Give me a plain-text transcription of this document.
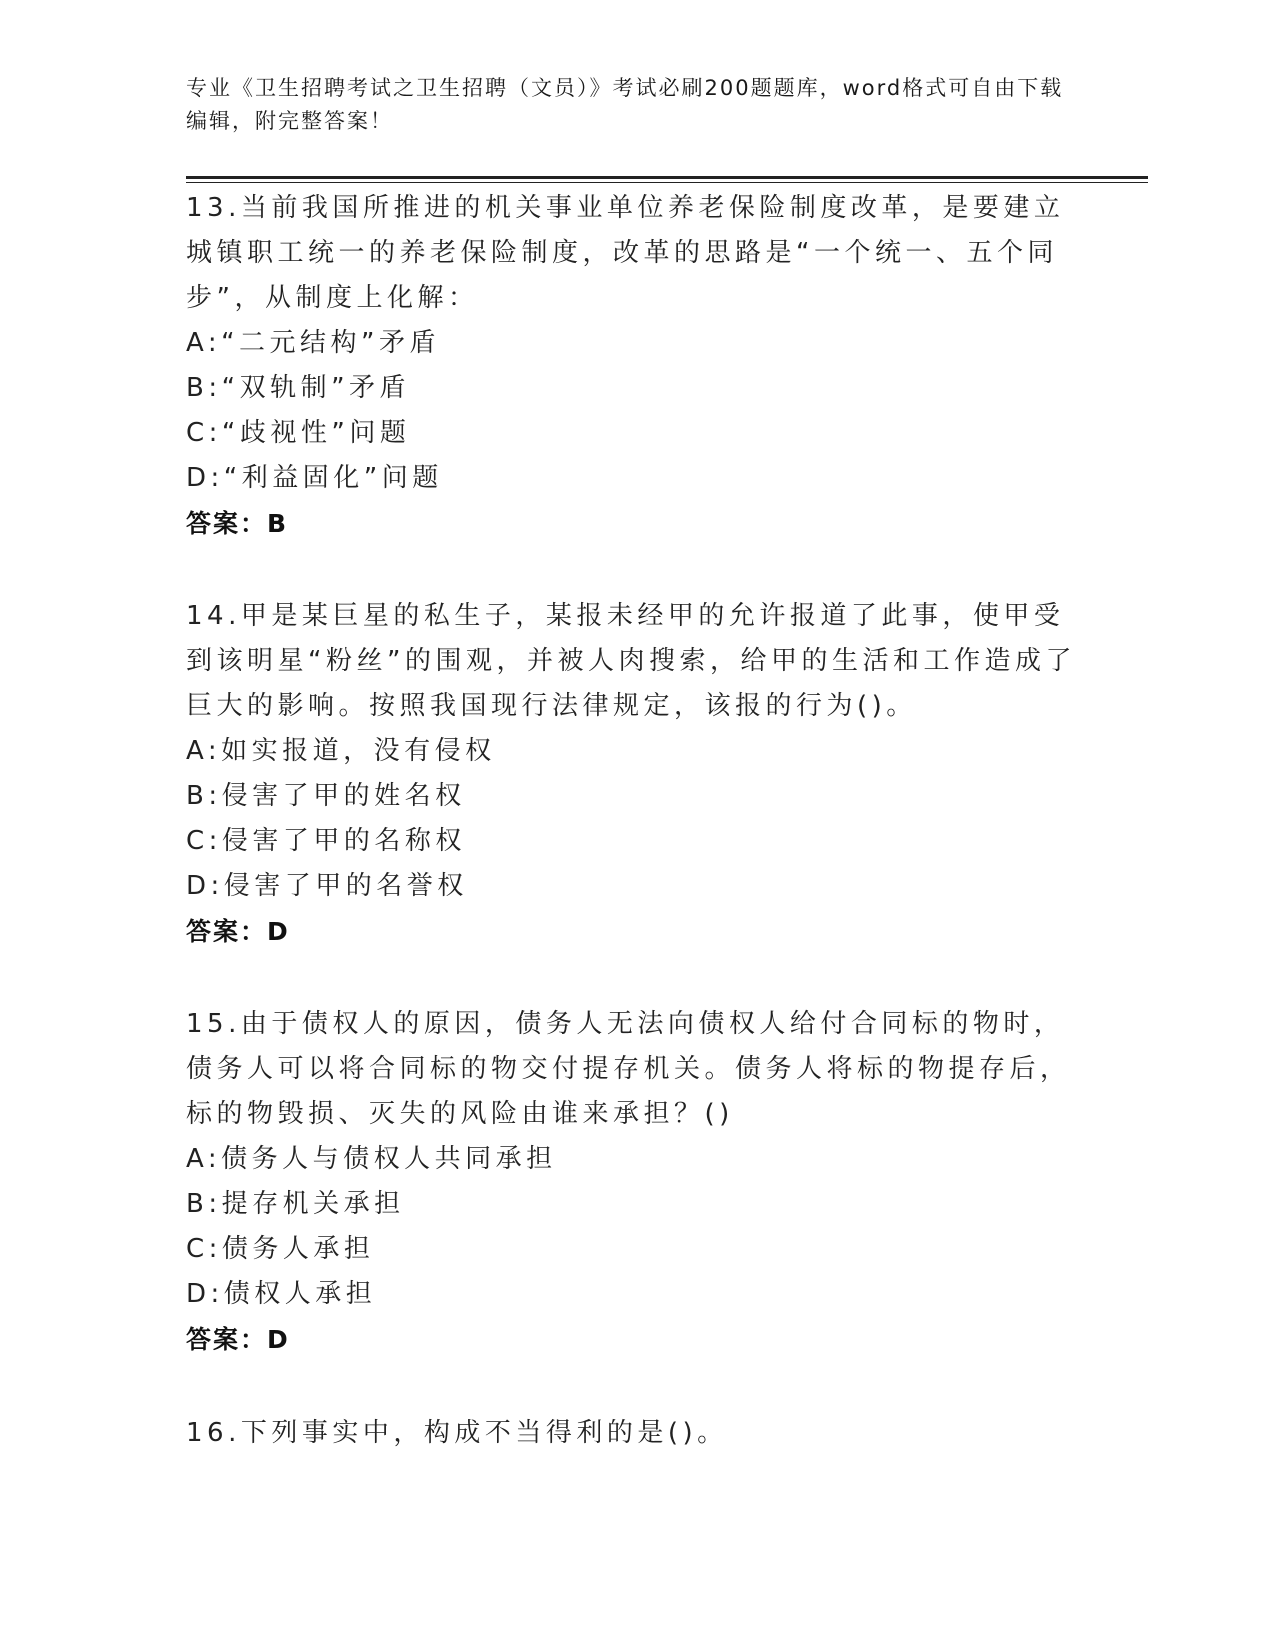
专业《卫生招聘考试之卫生招聘（文员）》考试必刷200题题库，word格式可自由下载编辑，附完整答案！

13.当前我国所推进的机关事业单位养老保险制度改革，是要建立城镇职工统一的养老保险制度，改革的思路是“一个统一、五个同步”，从制度上化解：

A:“二元结构”矛盾

B:“双轨制”矛盾

C:“歧视性”问题

D:“利益固化”问题

答案：B

14.甲是某巨星的私生子，某报未经甲的允许报道了此事，使甲受到该明星“粉丝”的围观，并被人肉搜索，给甲的生活和工作造成了巨大的影响。按照我国现行法律规定，该报的行为()。

A:如实报道，没有侵权

B:侵害了甲的姓名权

C:侵害了甲的名称权

D:侵害了甲的名誉权

答案：D

15.由于债权人的原因，债务人无法向债权人给付合同标的物时，债务人可以将合同标的物交付提存机关。债务人将标的物提存后，标的物毁损、灭失的风险由谁来承担？()

A:债务人与债权人共同承担

B:提存机关承担

C:债务人承担

D:债权人承担

答案：D

16.下列事实中，构成不当得利的是()。
